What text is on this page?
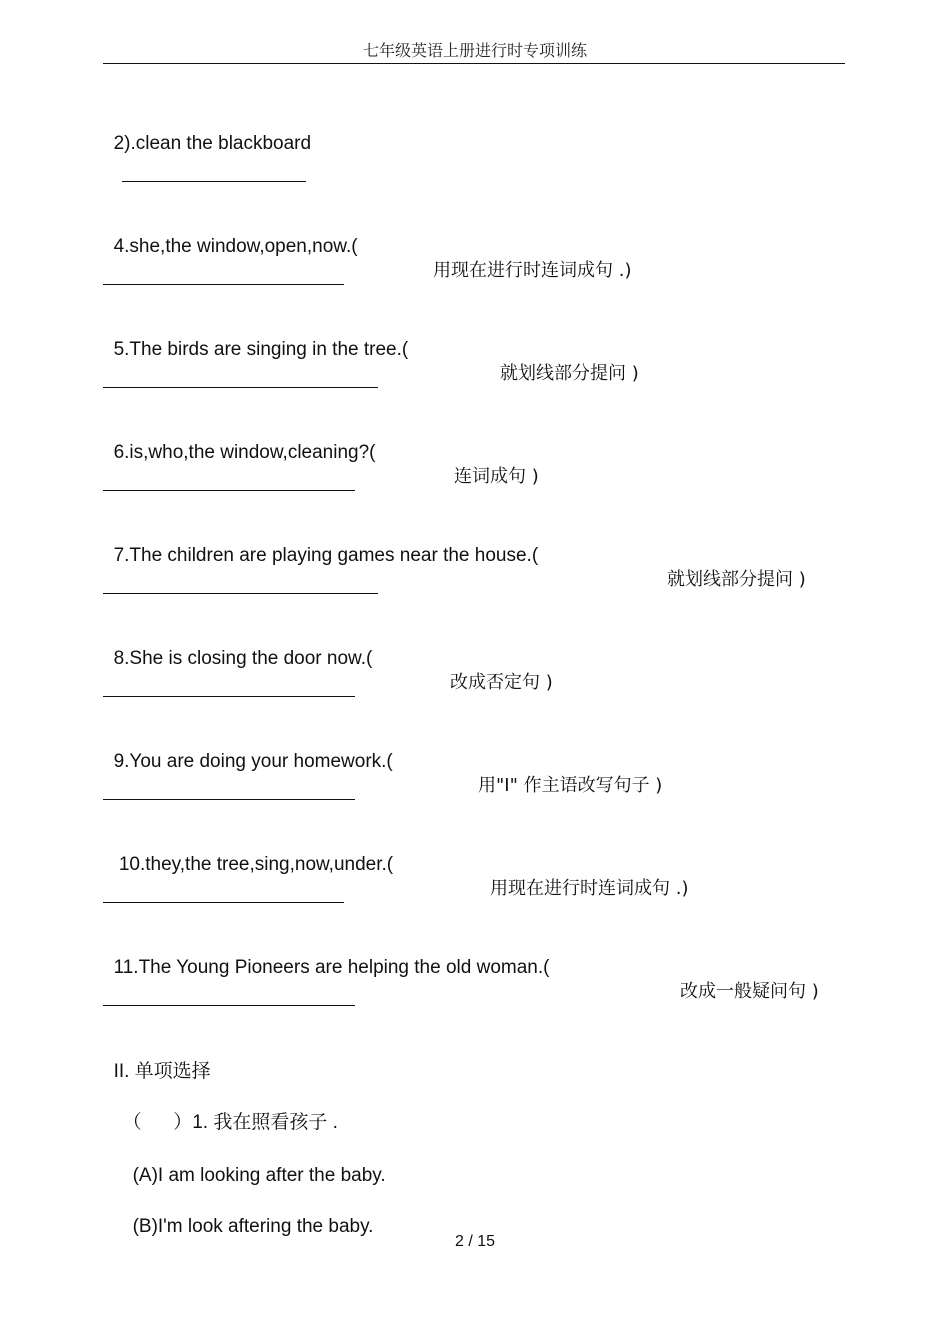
七年级英语上册进行时专项训练

2).clean the blackboard

4.she,the window,open,now.(

用现在进行时连词成句 .)

5.The birds are singing in the tree.(

就划线部分提问 )

6.is,who,the window,cleaning?(

连词成句 )

7.The children are playing games near the house.(

就划线部分提问 )

8.She is closing the door now.(

改成否定句 )

9.You are doing your homework.(

用"I" 作主语改写句子 )

10.they,the tree,sing,now,under.(

用现在进行时连词成句 .)

11.The Young Pioneers are helping the old woman.(

改成一般疑问句 )

II. 单项选择

（      ）1. 我在照看孩子 .

(A)I am looking after the baby.

(B)I'm look aftering the baby.

2 / 15
